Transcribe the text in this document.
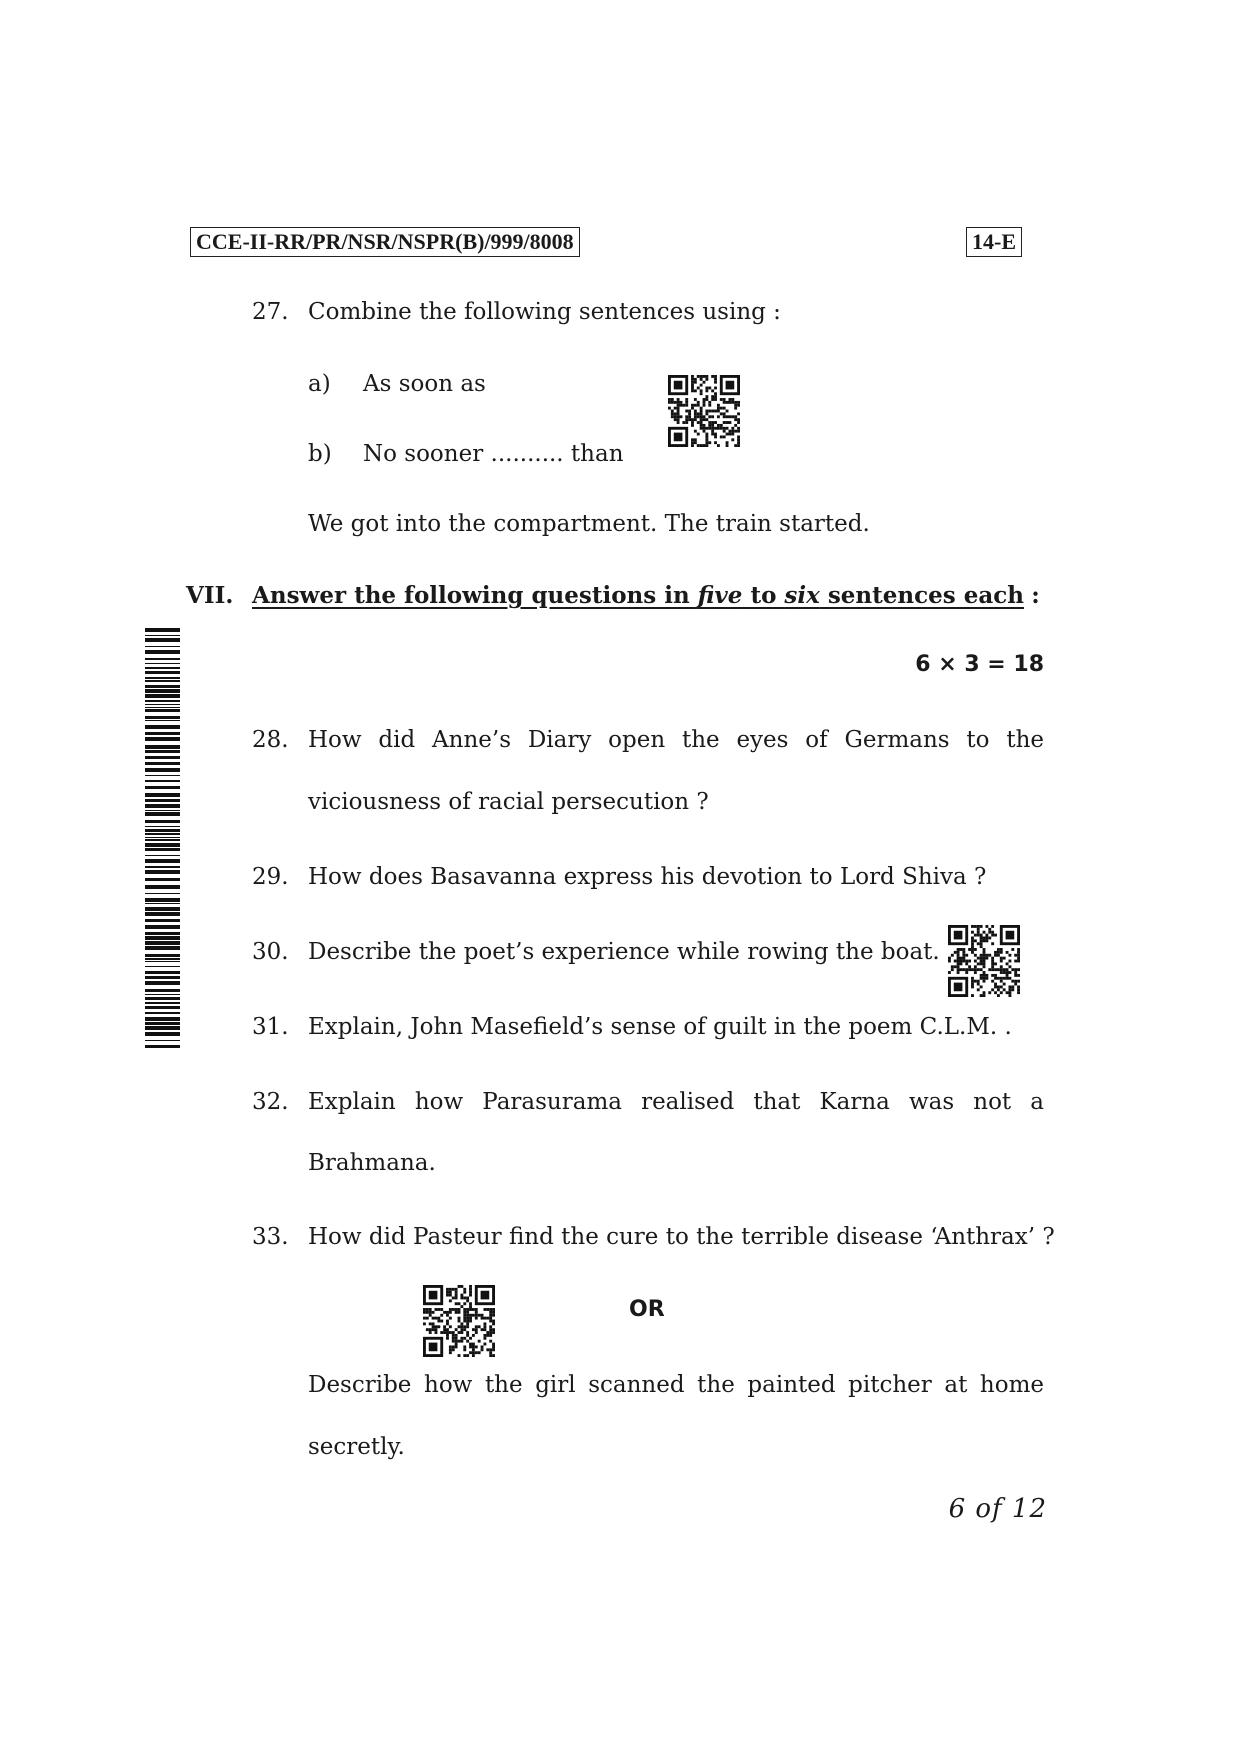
CCE-II-RR/PR/NSR/NSPR(B)/999/8008	14-E
27. Combine the following sentences using :
a) As soon as
b) No sooner .......... than
We got into the compartment. The train started.
VII. Answer the following questions in five to six sentences each :
6 × 3 = 18
28. How did Anne’s Diary open the eyes of Germans to the
viciousness of racial persecution ?
29. How does Basavanna express his devotion to Lord Shiva ?
30. Describe the poet’s experience while rowing the boat.
31. Explain, John Masefield’s sense of guilt in the poem C.L.M. .
32. Explain how Parasurama realised that Karna was not a
Brahmana.
33. How did Pasteur find the cure to the terrible disease ‘Anthrax’ ?
OR
Describe how the girl scanned the painted pitcher at home
secretly.
6 of 12
